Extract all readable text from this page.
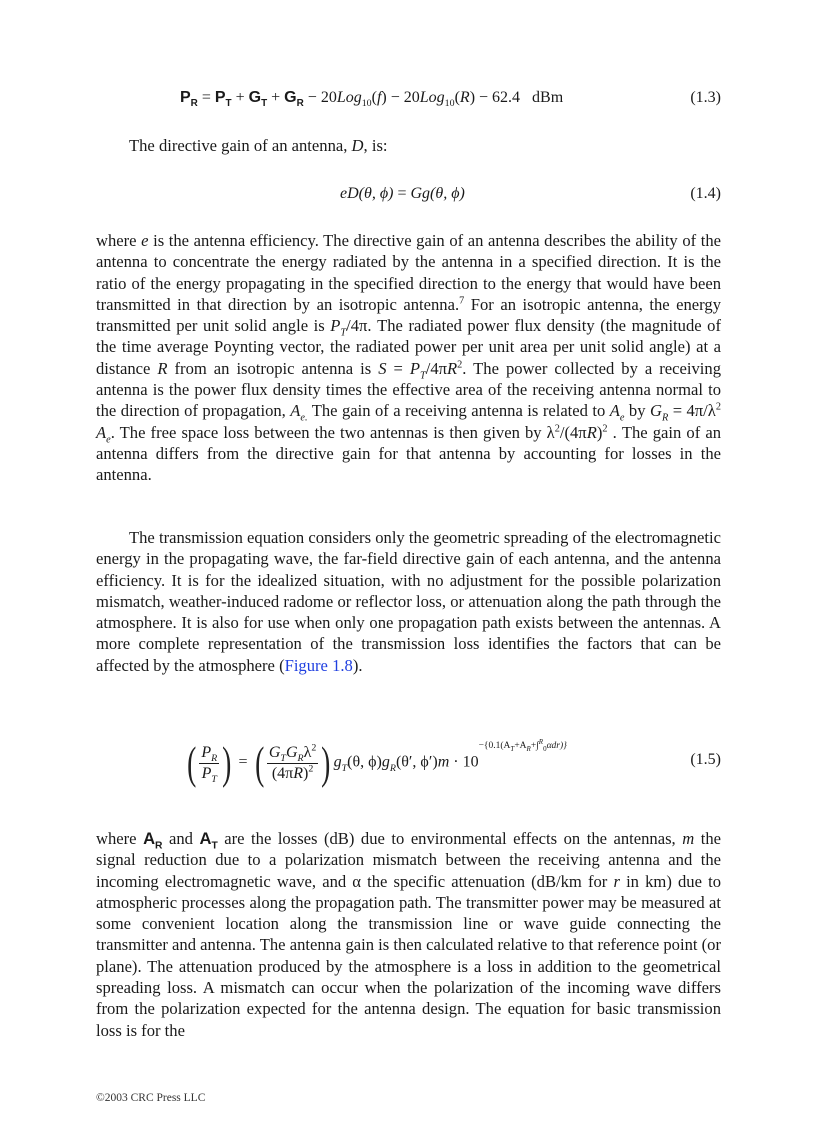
$P_R = P_T + G_T + G_R - 20Log_{10}(f) - 20Log_{10}(R) - 62.4$ dBm	(1.3)

The directive gain of an antenna, D, is:

eD(θ, ϕ) = Gg(θ, ϕ)	(1.4)

where e is the antenna efficiency. The directive gain of an antenna describes the ability of the antenna to concentrate the energy radiated by the antenna in a specified direction. It is the ratio of the energy propagating in the specified direction to the energy that would have been transmitted in that direction by an isotropic antenna.$^7$ For an isotropic antenna, the energy transmitted per unit solid angle is $P_T/4\pi$. The radiated power flux density (the magnitude of the time average Poynting vector, the radiated power per unit area per unit solid angle) at a distance R from an isotropic antenna is $S = P_T/4\pi R^2$. The power collected by a receiving antenna is the power flux density times the effective area of the receiving antenna normal to the direction of propagation, $A_{e.}$ The gain of a receiving antenna is related to $A_e$ by $G_R = 4\pi/\lambda^2$ $A_e$. The free space loss between the two antennas is then given by $\lambda^2/(4\pi R)^2$ . The gain of an antenna differs from the directive gain for that antenna by accounting for losses in the antenna.

The transmission equation considers only the geometric spreading of the electromagnetic energy in the propagating wave, the far-field directive gain of each antenna, and the antenna efficiency. It is for the idealized situation, with no adjustment for the possible polarization mismatch, weather-induced radome or reflector loss, or attenuation along the path through the atmosphere. It is also for use when only one propagation path exists between the antennas. A more complete representation of the transmission loss identifies the factors that can be affected by the atmosphere (Figure 1.8).

( $\frac{P_R}{P_T}$ ) = ( $\frac{G_TG_R\lambda^2}{(4\pi R)^2}$ ) $g_T(\theta$, $\phi)g_R(\theta'$, $\phi')m \cdot 10^{-\{0.1(A_T+A_R+\int^R_0\alpha dr)\}}$
(1.5)

where $A_R$ and $A_T$ are the losses (dB) due to environmental effects on the antennas, m the signal reduction due to a polarization mismatch between the receiving antenna and the incoming electromagnetic wave, and α the specific attenuation (dB/km for r in km) due to atmospheric processes along the propagation path. The transmitter power may be measured at some convenient location along the transmission line or wave guide connecting the transmitter and antenna. The antenna gain is then calculated relative to that reference point (or plane). The attenuation produced by the atmosphere is a loss in addition to the geometrical spreading loss. A mismatch can occur when the polarization of the incoming wave differs from the polarization expected for the antenna design. The equation for basic transmission loss is for the

©2003 CRC Press LLC
